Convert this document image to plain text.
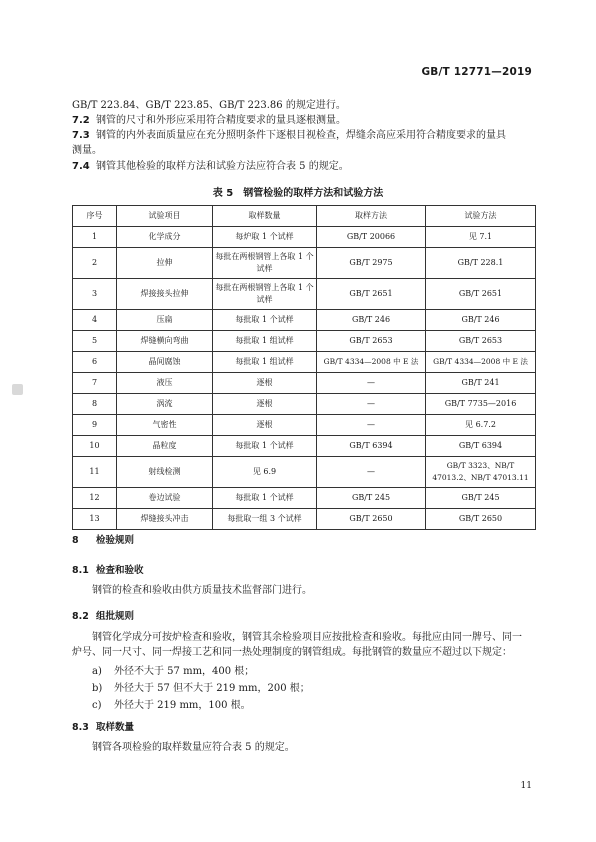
GB/T 12771—2019
GB/T 223.84、GB/T 223.85、GB/T 223.86 的规定进行。
7.2 钢管的尺寸和外形应采用符合精度要求的量具逐根测量。
7.3 钢管的内外表面质量应在充分照明条件下逐根目视检查，焊缝余高应采用符合精度要求的量具
测量。
7.4 钢管其他检验的取样方法和试验方法应符合表 5 的规定。
表 5　钢管检验的取样方法和试验方法
序号	试验项目	取样数量	取样方法	试验方法
1	化学成分	每炉取 1 个试样	GB/T 20066	见 7.1
2	拉伸	每批在两根钢管上各取 1 个试样	GB/T 2975	GB/T 228.1
3	焊接接头拉伸	每批在两根钢管上各取 1 个试样	GB/T 2651	GB/T 2651
4	压扁	每批取 1 个试样	GB/T 246	GB/T 246
5	焊缝横向弯曲	每批取 1 组试样	GB/T 2653	GB/T 2653
6	晶间腐蚀	每批取 1 组试样	GB/T 4334—2008 中 E 法	GB/T 4334—2008 中 E 法
7	液压	逐根	—	GB/T 241
8	涡流	逐根	—	GB/T 7735—2016
9	气密性	逐根	—	见 6.7.2
10	晶粒度	每批取 1 个试样	GB/T 6394	GB/T 6394
11	射线检测	见 6.9	—	GB/T 3323、NB/T 47013.2、NB/T 47013.11
12	卷边试验	每批取 1 个试样	GB/T 245	GB/T 245
13	焊缝接头冲击	每批取一组 3 个试样	GB/T 2650	GB/T 2650
8 检验规则
8.1 检查和验收
钢管的检查和验收由供方质量技术监督部门进行。
8.2 组批规则
钢管化学成分可按炉检查和验收，钢管其余检验项目应按批检查和验收。每批应由同一牌号、同一
炉号、同一尺寸、同一焊接工艺和同一热处理制度的钢管组成。每批钢管的数量应不超过以下规定：
a) 外径不大于 57 mm，400 根；
b) 外径大于 57 但不大于 219 mm，200 根；
c) 外径大于 219 mm，100 根。
8.3 取样数量
钢管各项检验的取样数量应符合表 5 的规定。
11
